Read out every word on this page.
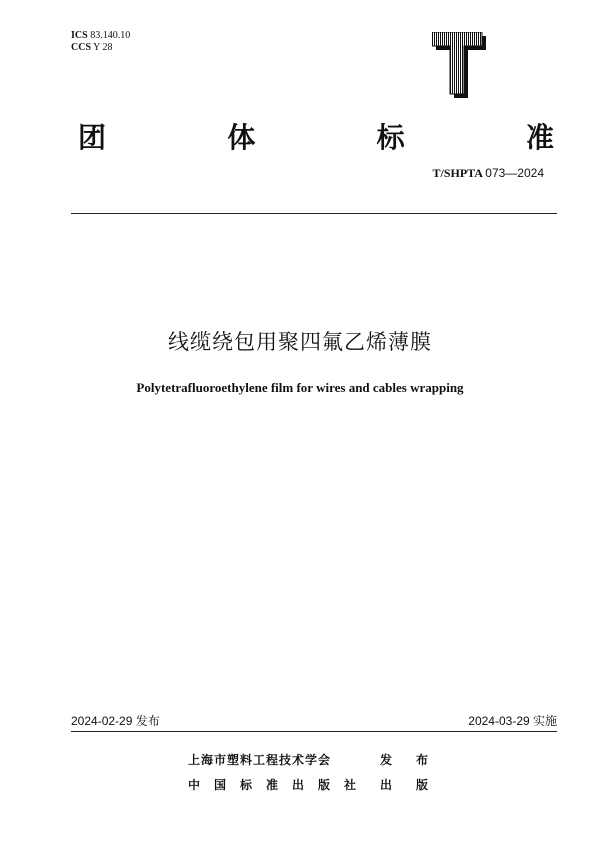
ICS 83.140.10
CCS Y 28
团	体	标	准
T/SHPTA 073—2024
线缆绕包用聚四氟乙烯薄膜
Polytetrafluoroethylene film for wires and cables wrapping
2024-02-29 发布	2024-03-29 实施
上海市塑料工程技术学会	发 布
中国标准出版社 出 版
